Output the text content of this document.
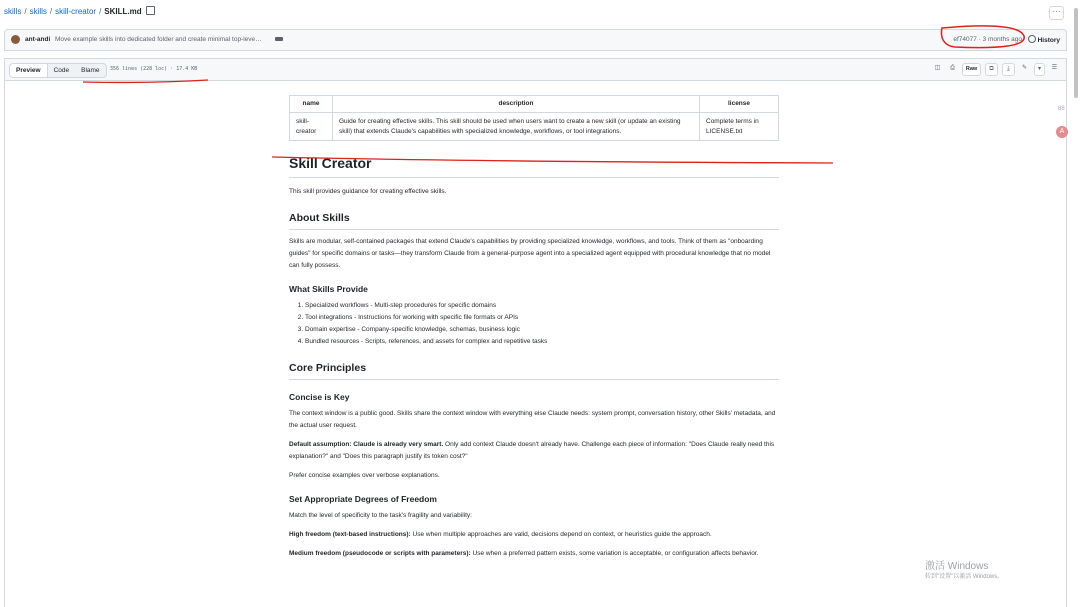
skills / skills / skill-creator / SKILL.md	···
ant-andi Move example skills into dedicated folder and create minimal top-leve…	ef74077 · 3 months ago	History
Preview	Code	Blame	356 lines (228 loc) · 17.4 KB	◫	⎙	Raw	⧉	⤓	✎	▾	☰
name	description	license
skill-creator	Guide for creating effective skills. This skill should be used when users want to create a new skill (or update an existing skill) that extends Claude's capabilities with specialized knowledge, workflows, or tool integrations.	Complete terms in LICENSE.txt
Skill Creator

This skill provides guidance for creating effective skills.

About Skills

Skills are modular, self-contained packages that extend Claude's capabilities by providing specialized knowledge, workflows, and tools. Think of them as "onboarding guides" for specific domains or tasks—they transform Claude from a general-purpose agent into a specialized agent equipped with procedural knowledge that no model can fully possess.

What Skills Provide
1. Specialized workflows - Multi-step procedures for specific domains
2. Tool integrations - Instructions for working with specific file formats or APIs
3. Domain expertise - Company-specific knowledge, schemas, business logic
4. Bundled resources - Scripts, references, and assets for complex and repetitive tasks
Core Principles
Concise is Key

The context window is a public good. Skills share the context window with everything else Claude needs: system prompt, conversation history, other Skills' metadata, and the actual user request.

Default assumption: Claude is already very smart. Only add context Claude doesn't already have. Challenge each piece of information: "Does Claude really need this explanation?" and "Does this paragraph justify its token cost?"

Prefer concise examples over verbose explanations.

Set Appropriate Degrees of Freedom

Match the level of specificity to the task's fragility and variability:

High freedom (text-based instructions): Use when multiple approaches are valid, decisions depend on context, or heuristics guide the approach.

Medium freedom (pseudocode or scripts with parameters): Use when a preferred pattern exists, some variation is acceptable, or configuration affects behavior.

88
A
激活 Windows
转到"设置"以激活 Windows。
